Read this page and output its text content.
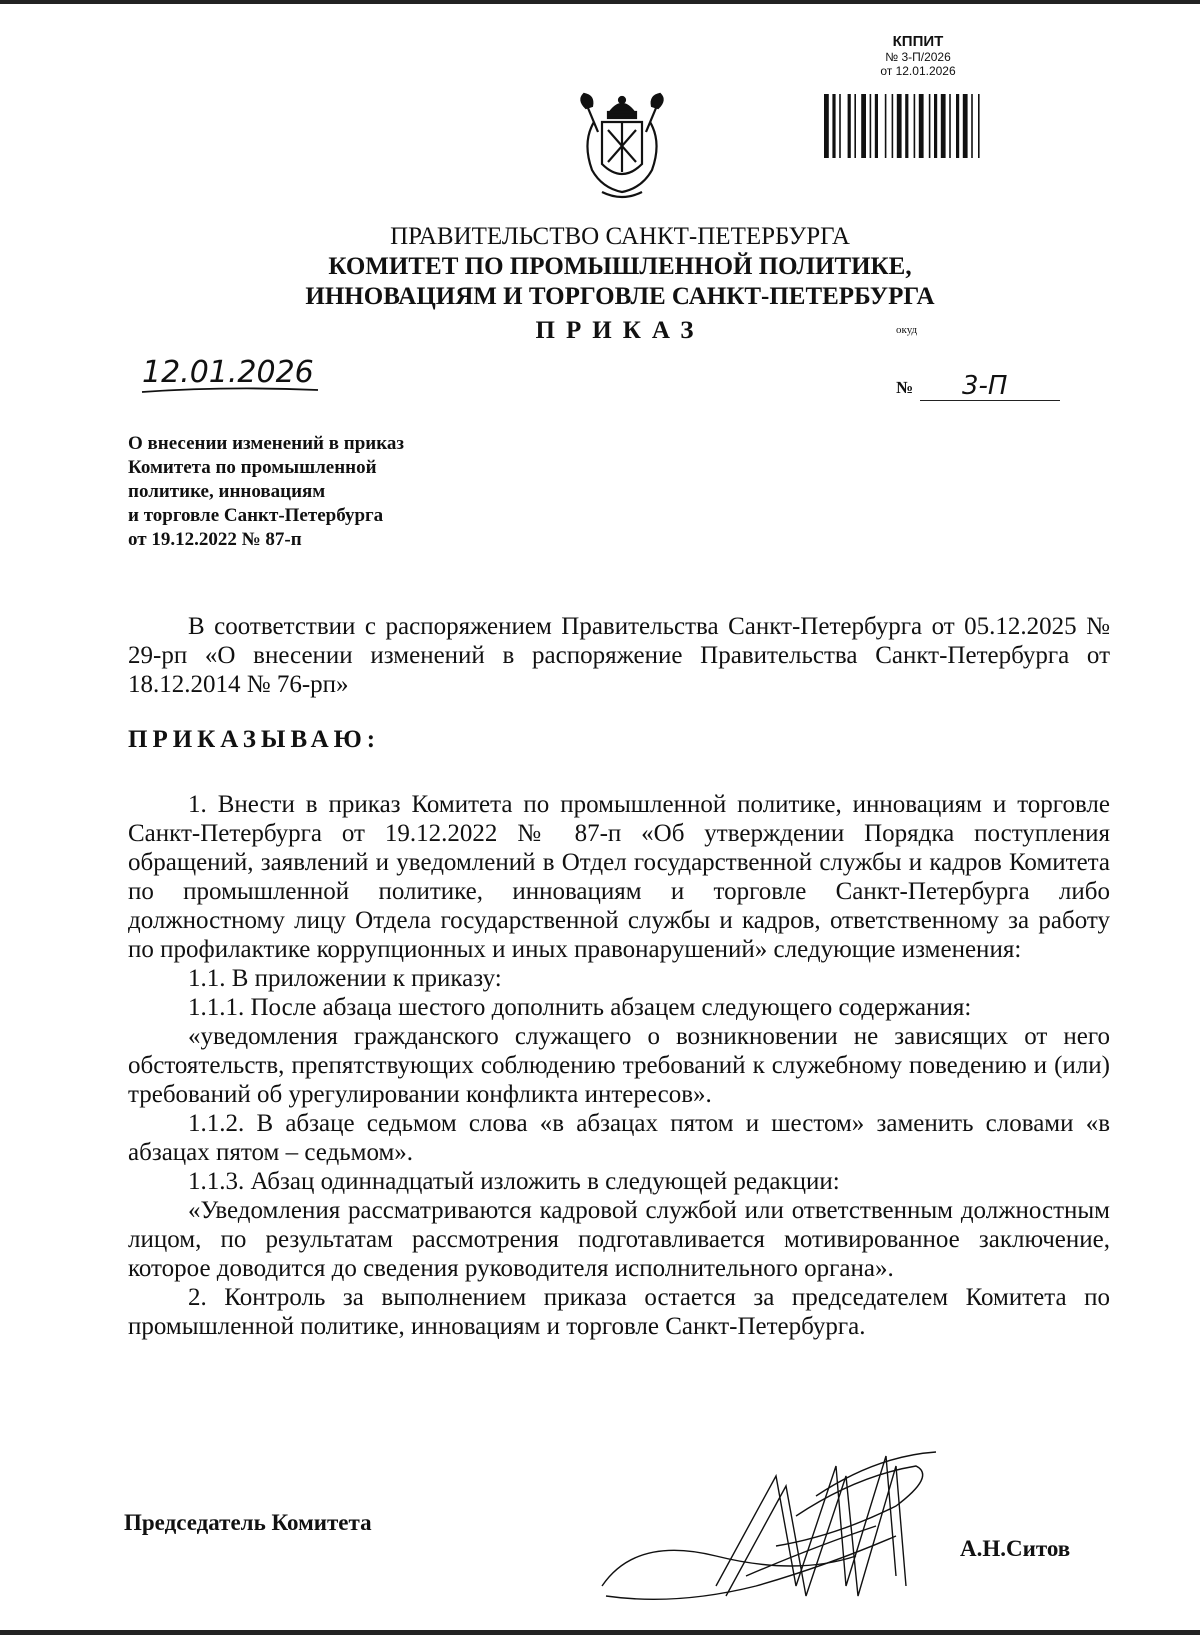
КППИТ
№ 3-П/2026
от 12.01.2026
ПРАВИТЕЛЬСТВО САНКТ-ПЕТЕРБУРГА
КОМИТЕТ ПО ПРОМЫШЛЕННОЙ ПОЛИТИКЕ,
ИННОВАЦИЯМ И ТОРГОВЛЕ САНКТ-ПЕТЕРБУРГА
ПРИКАЗ	окуд
12.01.2026	№ 3-П
О внесении изменений в приказ
Комитета по промышленной
политике, инновациям
и торговле Санкт-Петербурга
от 19.12.2022 № 87-п

В соответствии с распоряжением Правительства Санкт-Петербурга от 05.12.2025 № 29-рп «О внесении изменений в распоряжение Правительства Санкт-Петербурга от 18.12.2014 № 76-рп»

ПРИКАЗЫВАЮ:

1. Внести в приказ Комитета по промышленной политике, инновациям и торговле Санкт-Петербурга от 19.12.2022 № 87-п «Об утверждении Порядка поступления обращений, заявлений и уведомлений в Отдел государственной службы и кадров Комитета по промышленной политике, инновациям и торговле Санкт-Петербурга либо должностному лицу Отдела государственной службы и кадров, ответственному за работу по профилактике коррупционных и иных правонарушений» следующие изменения:

1.1. В приложении к приказу:

1.1.1. После абзаца шестого дополнить абзацем следующего содержания:

«уведомления гражданского служащего о возникновении не зависящих от него обстоятельств, препятствующих соблюдению требований к служебному поведению и (или) требований об урегулировании конфликта интересов».

1.1.2. В абзаце седьмом слова «в абзацах пятом и шестом» заменить словами «в абзацах пятом – седьмом».

1.1.3. Абзац одиннадцатый изложить в следующей редакции:

«Уведомления рассматриваются кадровой службой или ответственным должностным лицом, по результатам рассмотрения подготавливается мотивированное заключение, которое доводится до сведения руководителя исполнительного органа».

2. Контроль за выполнением приказа остается за председателем Комитета по промышленной политике, инновациям и торговле Санкт-Петербурга.

Председатель Комитета
А.Н.Ситов
